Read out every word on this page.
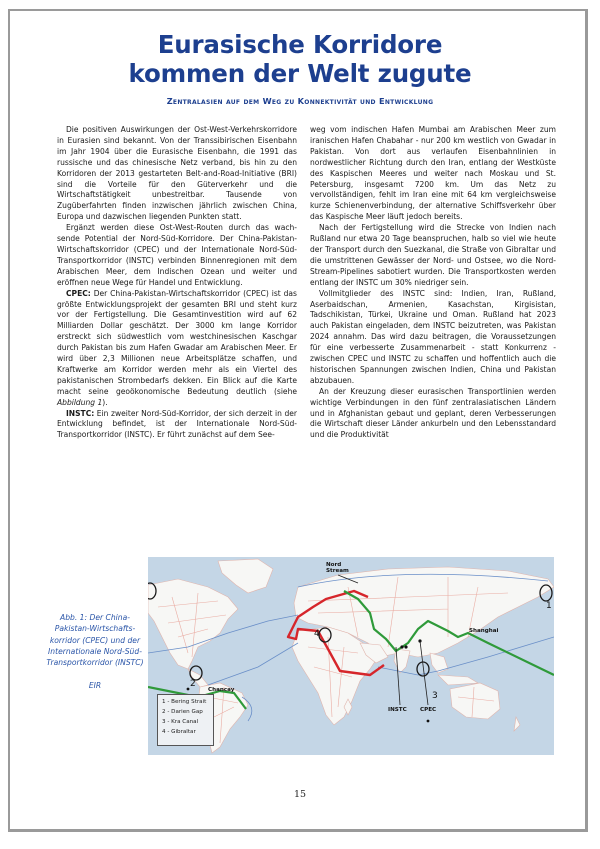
Eurasische Korridore
kommen der Welt zugute
Zentralasien auf dem Weg zu Konnektivität und Entwicklung

Die positiven Auswirkungen der Ost-West-Verkehrskorridore in Eurasien sind bekannt. Von der Transsibirischen Eisenbahn im Jahr 1904 über die Eurasische Eisenbahn, die 1991 das russische und das chinesische Netz verband, bis hin zu den Korridoren der 2013 gestarteten Belt-and-Road-Initiative (BRI) sind die Vorteile für den Güterverkehr und die Wirtschaftstätigkeit unbestreitbar. Tausende von Zugüberfahrten finden inzwischen jährlich zwischen China, Europa und dazwischen liegenden Punkten statt.

Ergänzt werden diese Ost-West-Routen durch das wachsende Potential der Nord-Süd-Korridore. Der China-Pakistan-Wirtschaftskorridor (CPEC) und der Internationale Nord-Süd-Transportkorridor (INSTC) verbinden Binnenregionen mit dem Arabischen Meer, dem Indischen Ozean und weiter und eröffnen neue Wege für Handel und Entwicklung.

CPEC: Der China-Pakistan-Wirtschaftskorridor (CPEC) ist das größte Entwicklungsprojekt der gesamten BRI und steht kurz vor der Fertigstellung. Die Gesamtinvestition wird auf 62 Milliarden Dollar geschätzt. Der 3000 km lange Korridor erstreckt sich südwestlich vom westchinesischen Kaschgar durch Pakistan bis zum Hafen Gwadar am Arabischen Meer. Er wird über 2,3 Millionen neue Arbeitsplätze schaffen, und Kraftwerke am Korridor werden mehr als ein Viertel des pakistanischen Strombedarfs dekken. Ein Blick auf die Karte macht seine geoökonomische Bedeutung deutlich (siehe Abbildung 1).

INSTC: Ein zweiter Nord-Süd-Korridor, der sich derzeit in der Entwicklung befindet, ist der Internationale Nord-Süd-Transportkorridor (INSTC). Er führt zunächst auf dem See-

weg vom indischen Hafen Mumbai am Arabischen Meer zum iranischen Hafen Chabahar - nur 200 km westlich von Gwadar in Pakistan. Von dort aus verlaufen Eisenbahnlinien in nordwestlicher Richtung durch den Iran, entlang der Westküste des Kaspischen Meeres und weiter nach Moskau und St. Petersburg, insgesamt 7200 km. Um das Netz zu vervollständigen, fehlt im Iran eine mit 64 km vergleichsweise kurze Schienenverbindung, der alternative Schiffsverkehr über das Kaspische Meer läuft jedoch bereits.

Nach der Fertigstellung wird die Strecke von Indien nach Rußland nur etwa 20 Tage beanspruchen, halb so viel wie heute der Transport durch den Suezkanal, die Straße von Gibraltar und die umstrittenen Gewässer der Nord- und Ostsee, wo die Nord-Stream-Pipelines sabotiert wurden. Die Transportkosten werden entlang der INSTC um 30% niedriger sein.

Vollmitglieder des INSTC sind: Indien, Iran, Rußland, Aserbaidschan, Armenien, Kasachstan, Kirgisistan, Tadschikistan, Türkei, Ukraine und Oman. Rußland hat 2023 auch Pakistan eingeladen, dem INSTC beizutreten, was Pakistan 2024 annahm. Das wird dazu beitragen, die Voraussetzungen für eine verbesserte Zusammenarbeit - statt Konkurrenz - zwischen CPEC und INSTC zu schaffen und hoffentlich auch die historischen Spannungen zwischen Indien, China und Pakistan abzubauen.

An der Kreuzung dieser eurasischen Transportlinien werden wichtige Verbindungen in den fünf zentralasiatischen Ländern und in Afghanistan gebaut und geplant, deren Verbesserungen die Wirtschaft dieser Länder ankurbeln und den Lebensstandard und die Produktivität

Abb. 1: Der China-Pakistan-Wirtschaftskorridor (CPEC) und der Internationale Nord-Süd-Transportkorridor (INSTC)
EIR
Nord Stream
Shanghai
Chancay
INSTC CPEC
1
2
3
4
1 - Bering Strait
2 - Darien Gap
3 - Kra Canal
4 - Gibraltar
15
